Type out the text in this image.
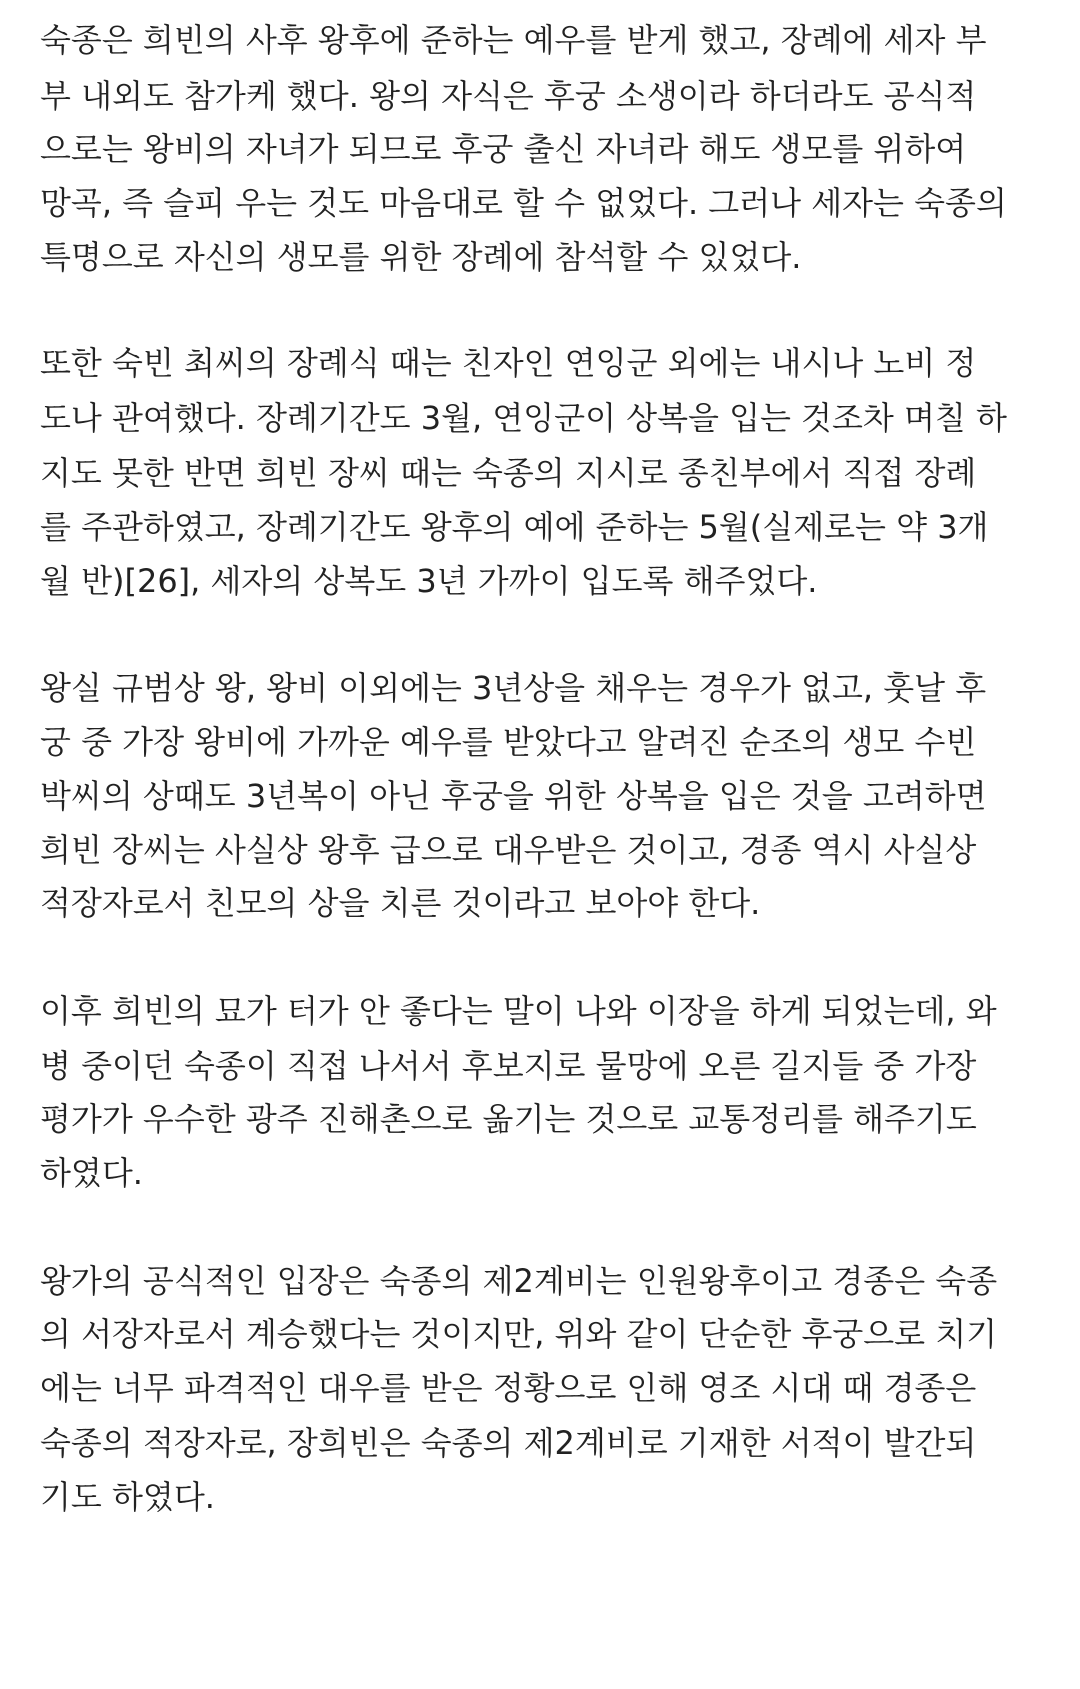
숙종은 희빈의 사후 왕후에 준하는 예우를 받게 했고, 장례에 세자 부
부 내외도 참가케 했다. 왕의 자식은 후궁 소생이라 하더라도 공식적
으로는 왕비의 자녀가 되므로 후궁 출신 자녀라 해도 생모를 위하여
망곡, 즉 슬피 우는 것도 마음대로 할 수 없었다. 그러나 세자는 숙종의
특명으로 자신의 생모를 위한 장례에 참석할 수 있었다.
또한 숙빈 최씨의 장례식 때는 친자인 연잉군 외에는 내시나 노비 정
도나 관여했다. 장례기간도 3월, 연잉군이 상복을 입는 것조차 며칠 하
지도 못한 반면 희빈 장씨 때는 숙종의 지시로 종친부에서 직접 장례
를 주관하였고, 장례기간도 왕후의 예에 준하는 5월(실제로는 약 3개
월 반)[26], 세자의 상복도 3년 가까이 입도록 해주었다.
왕실 규범상 왕, 왕비 이외에는 3년상을 채우는 경우가 없고, 훗날 후
궁 중 가장 왕비에 가까운 예우를 받았다고 알려진 순조의 생모 수빈
박씨의 상때도 3년복이 아닌 후궁을 위한 상복을 입은 것을 고려하면
희빈 장씨는 사실상 왕후 급으로 대우받은 것이고, 경종 역시 사실상
적장자로서 친모의 상을 치른 것이라고 보아야 한다.
이후 희빈의 묘가 터가 안 좋다는 말이 나와 이장을 하게 되었는데, 와
병 중이던 숙종이 직접 나서서 후보지로 물망에 오른 길지들 중 가장
평가가 우수한 광주 진해촌으로 옮기는 것으로 교통정리를 해주기도
하였다.
왕가의 공식적인 입장은 숙종의 제2계비는 인원왕후이고 경종은 숙종
의 서장자로서 계승했다는 것이지만, 위와 같이 단순한 후궁으로 치기
에는 너무 파격적인 대우를 받은 정황으로 인해 영조 시대 때 경종은
숙종의 적장자로, 장희빈은 숙종의 제2계비로 기재한 서적이 발간되
기도 하였다.
